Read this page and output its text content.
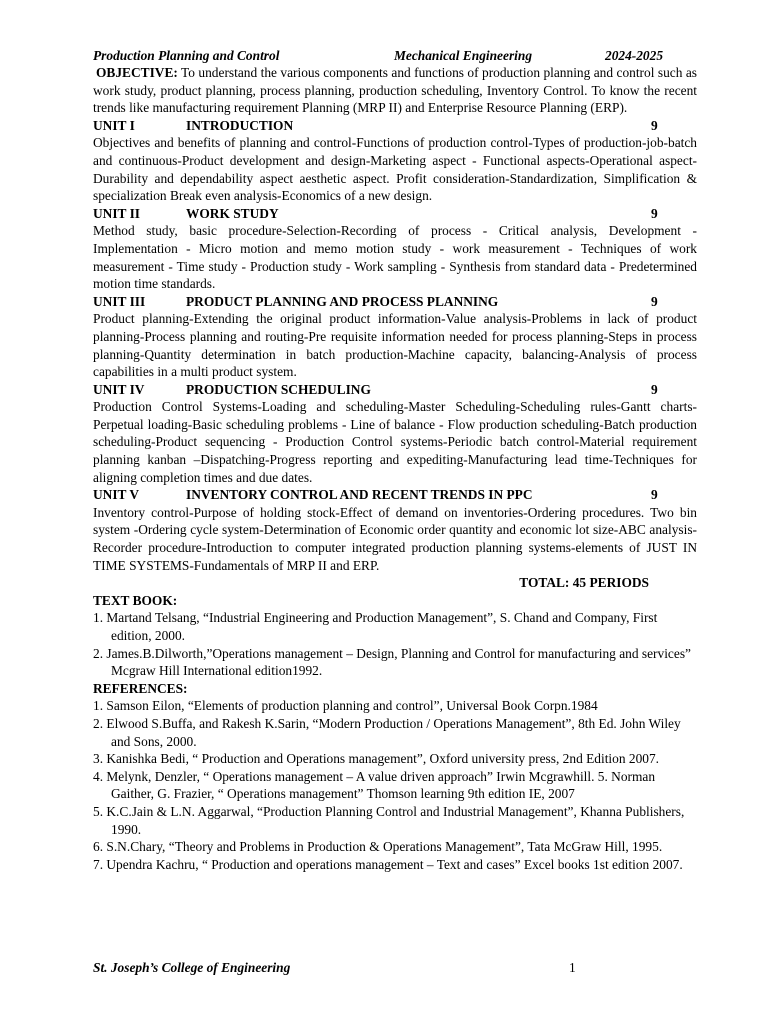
Production Planning and Control	Mechanical Engineering	2024-2025
OBJECTIVE: To understand the various components and functions of production planning and control such as work study, product planning, process planning, production scheduling, Inventory Control. To know the recent trends like manufacturing requirement Planning (MRP II) and Enterprise Resource Planning (ERP).
UNIT I	INTRODUCTION	9
Objectives and benefits of planning and control-Functions of production control-Types of production-job-batch and continuous-Product development and design-Marketing aspect - Functional aspects-Operational aspect-Durability and dependability aspect aesthetic aspect. Profit consideration-Standardization, Simplification & specialization Break even analysis-Economics of a new design.
UNIT II	WORK STUDY	9
Method study, basic procedure-Selection-Recording of process - Critical analysis, Development - Implementation - Micro motion and memo motion study - work measurement - Techniques of work measurement - Time study - Production study - Work sampling - Synthesis from standard data - Predetermined motion time standards.
UNIT III	PRODUCT PLANNING AND PROCESS PLANNING	9
Product planning-Extending the original product information-Value analysis-Problems in lack of product planning-Process planning and routing-Pre requisite information needed for process planning-Steps in process planning-Quantity determination in batch production-Machine capacity, balancing-Analysis of process capabilities in a multi product system.
UNIT IV	PRODUCTION SCHEDULING	9
Production Control Systems-Loading and scheduling-Master Scheduling-Scheduling rules-Gantt charts-Perpetual loading-Basic scheduling problems - Line of balance - Flow production scheduling-Batch production scheduling-Product sequencing - Production Control systems-Periodic batch control-Material requirement planning kanban –Dispatching-Progress reporting and expediting-Manufacturing lead time-Techniques for aligning completion times and due dates.
UNIT V	INVENTORY CONTROL AND RECENT TRENDS IN PPC	9
Inventory control-Purpose of holding stock-Effect of demand on inventories-Ordering procedures. Two bin system -Ordering cycle system-Determination of Economic order quantity and economic lot size-ABC analysis-Recorder procedure-Introduction to computer integrated production planning systems-elements of JUST IN TIME SYSTEMS-Fundamentals of MRP II and ERP.
TOTAL: 45 PERIODS
TEXT BOOK:
1. Martand Telsang, “Industrial Engineering and Production Management”, S. Chand and Company, First edition, 2000.
2. James.B.Dilworth,”Operations management – Design, Planning and Control for manufacturing and services” Mcgraw Hill International edition1992.
REFERENCES:
1. Samson Eilon, “Elements of production planning and control”, Universal Book Corpn.1984
2. Elwood S.Buffa, and Rakesh K.Sarin, “Modern Production / Operations Management”, 8th Ed. John Wiley and Sons, 2000.
3. Kanishka Bedi, “ Production and Operations management”, Oxford university press, 2nd Edition 2007.
4. Melynk, Denzler, “ Operations management – A value driven approach” Irwin Mcgrawhill. 5. Norman Gaither, G. Frazier, “ Operations management” Thomson learning 9th edition IE, 2007
5. K.C.Jain & L.N. Aggarwal, “Production Planning Control and Industrial Management”, Khanna Publishers, 1990.
6. S.N.Chary, “Theory and Problems in Production & Operations Management”, Tata McGraw Hill, 1995.
7. Upendra Kachru, “ Production and operations management – Text and cases” Excel books 1st edition 2007.
St. Joseph’s College of Engineering	1
